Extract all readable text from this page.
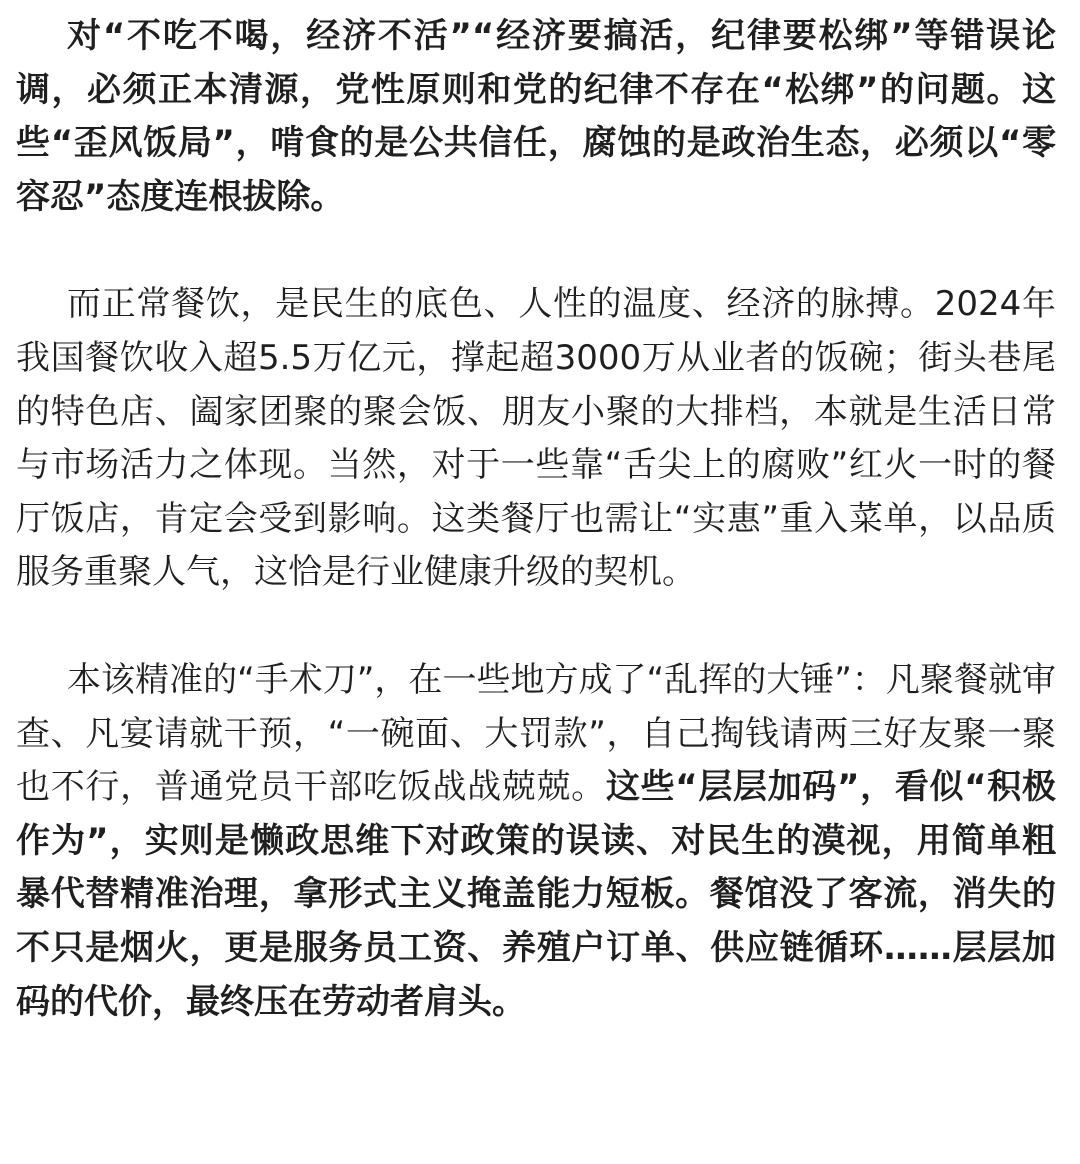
对“不吃不喝，经济不活”“经济要搞活，纪律要松绑”等错误论调，必须正本清源，党性原则和党的纪律不存在“松绑”的问题。这些“歪风饭局”，啃食的是公共信任，腐蚀的是政治生态，必须以“零容忍”态度连根拔除。

而正常餐饮，是民生的底色、人性的温度、经济的脉搏。2024年我国餐饮收入超5.5万亿元，撑起超3000万从业者的饭碗；街头巷尾的特色店、阖家团聚的聚会饭、朋友小聚的大排档，本就是生活日常与市场活力之体现。当然，对于一些靠“舌尖上的腐败”红火一时的餐厅饭店，肯定会受到影响。这类餐厅也需让“实惠”重入菜单，以品质服务重聚人气，这恰是行业健康升级的契机。

本该精准的“手术刀”，在一些地方成了“乱挥的大锤”：凡聚餐就审查、凡宴请就干预，“一碗面、大罚款”，自己掏钱请两三好友聚一聚也不行，普通党员干部吃饭战战兢兢。这些“层层加码”，看似“积极作为”，实则是懒政思维下对政策的误读、对民生的漠视，用简单粗暴代替精准治理，拿形式主义掩盖能力短板。餐馆没了客流，消失的不只是烟火，更是服务员工资、养殖户订单、供应链循环……层层加码的代价，最终压在劳动者肩头。
